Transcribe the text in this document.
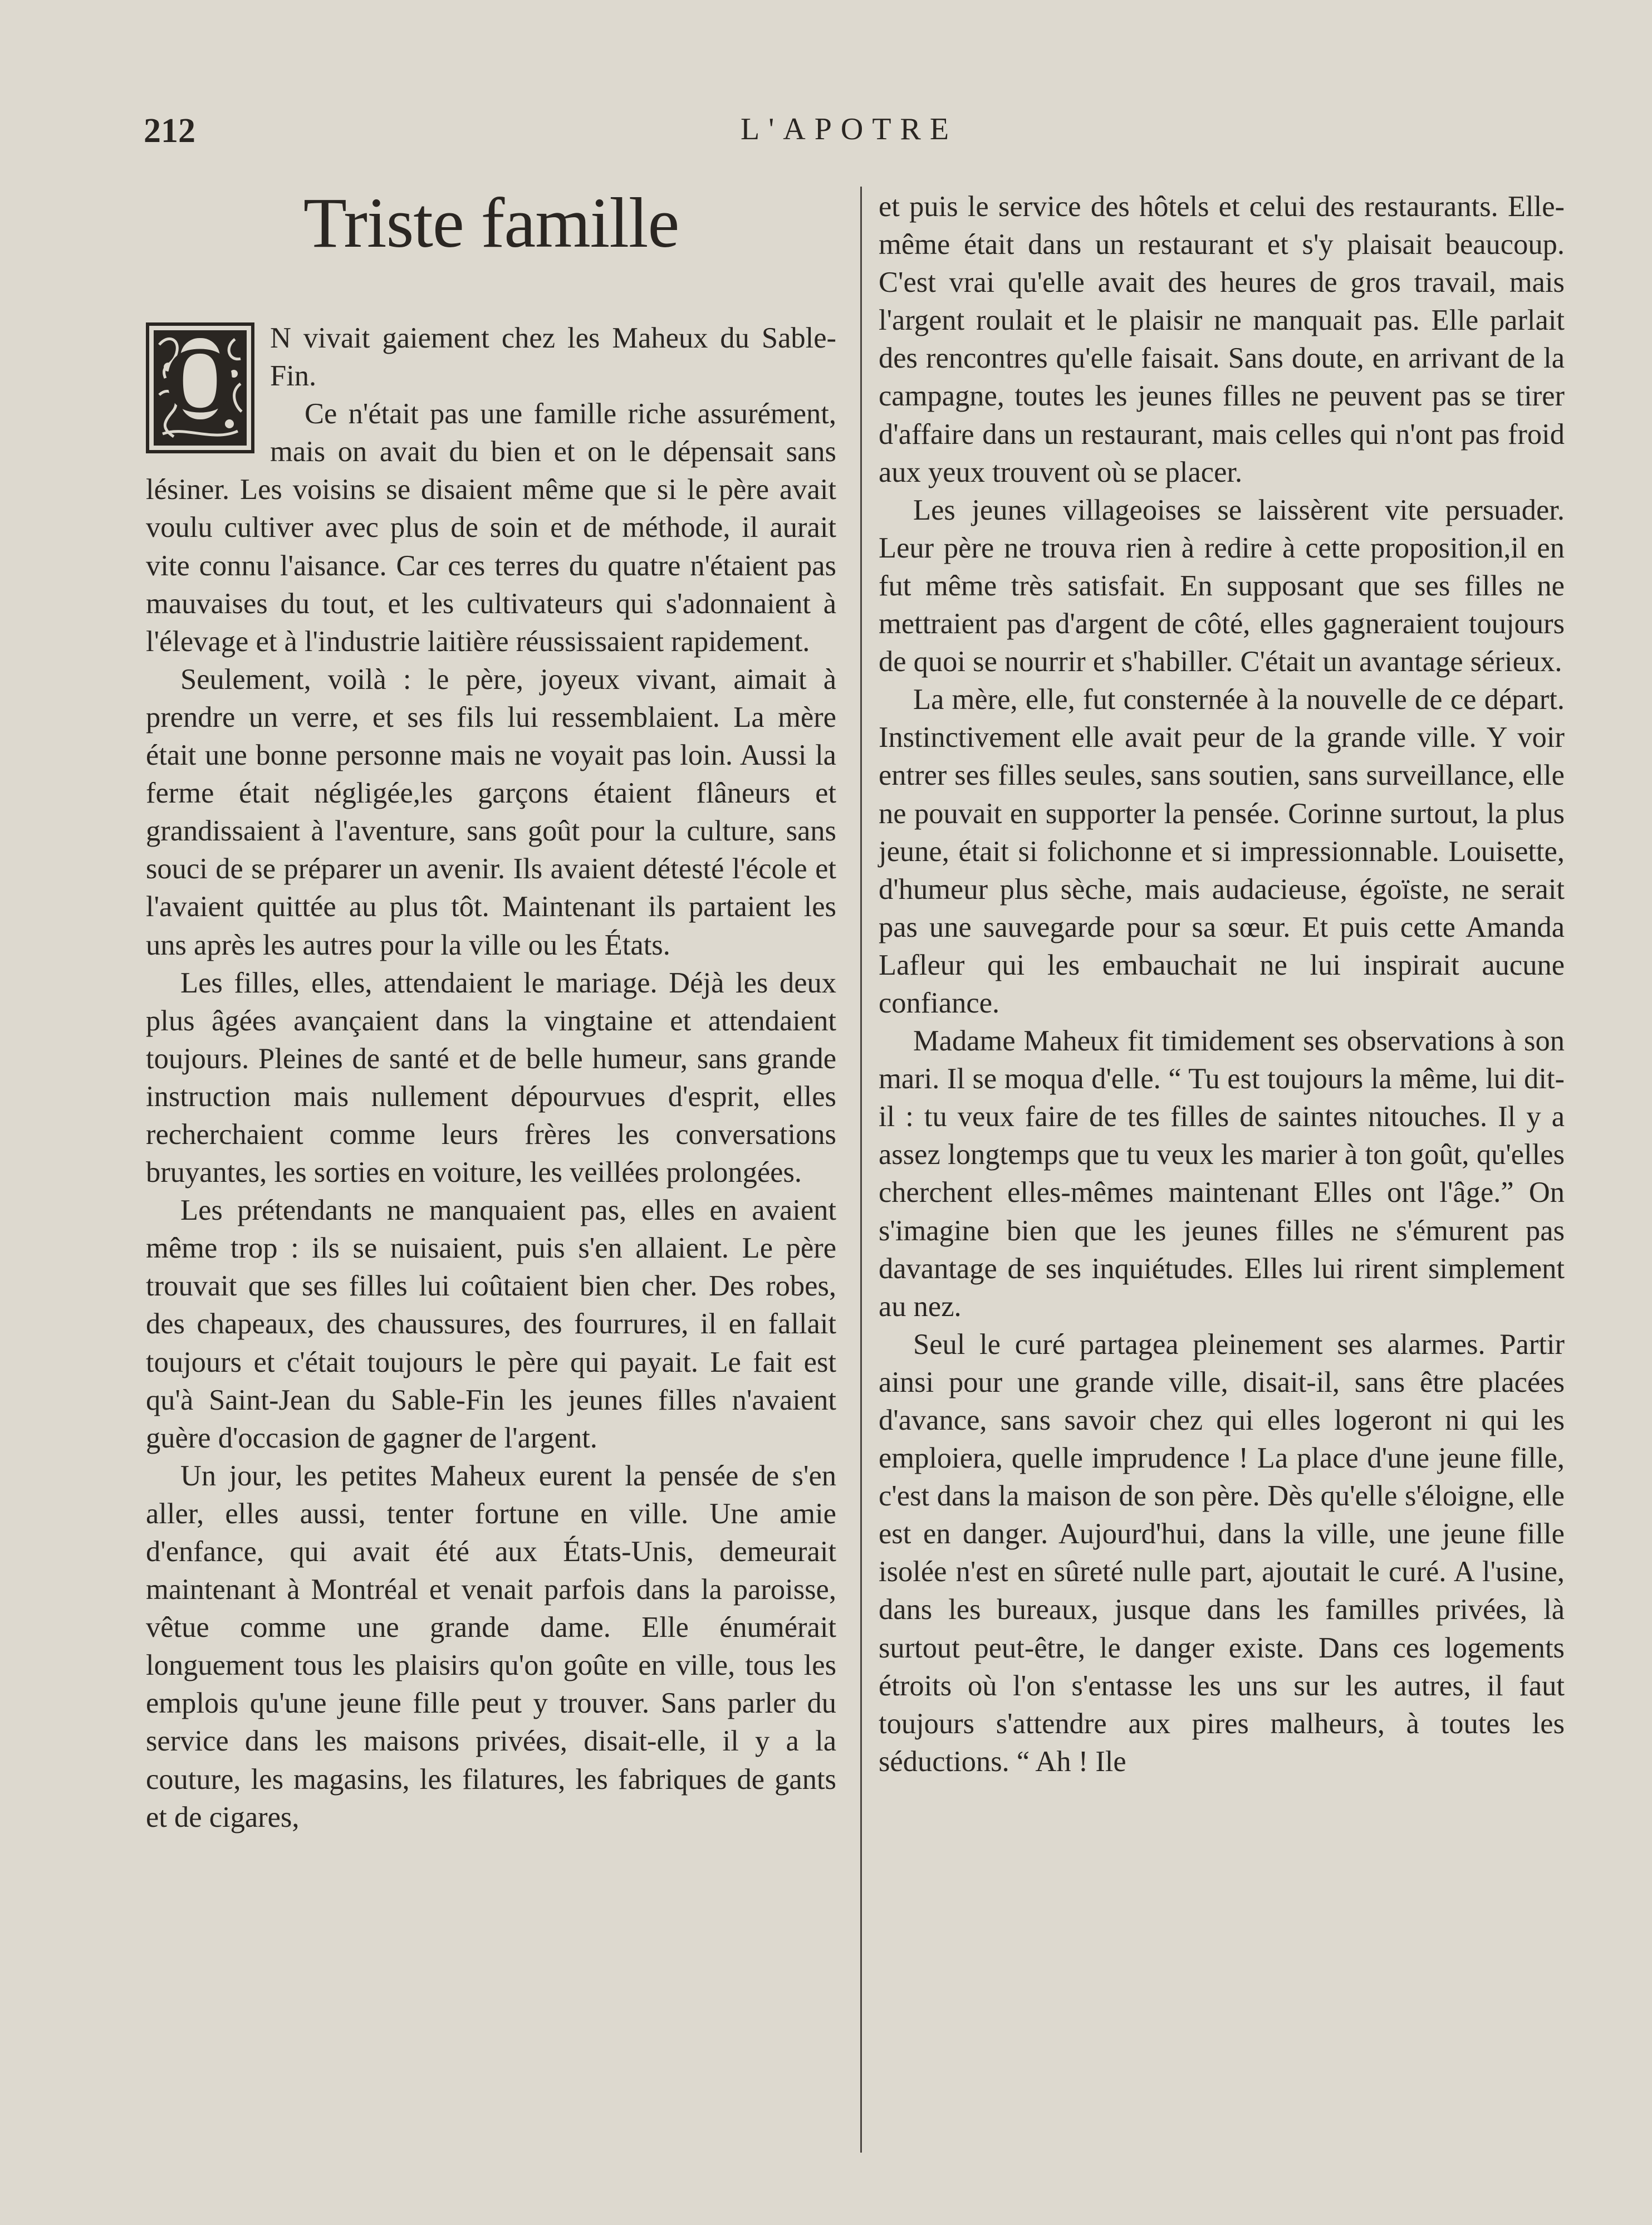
212	L'APOTRE
Triste famille

O N vivait gaiement chez les Maheux du Sable-Fin.

Ce n'était pas une famille riche assurément, mais on avait du bien et on le dépensait sans lésiner. Les voisins se disaient même que si le père avait voulu cultiver avec plus de soin et de méthode, il aurait vite connu l'aisance. Car ces terres du quatre n'étaient pas mauvaises du tout, et les cultivateurs qui s'adonnaient à l'élevage et à l'industrie laitière réussissaient rapidement.

Seulement, voilà : le père, joyeux vivant, aimait à prendre un verre, et ses fils lui ressemblaient. La mère était une bonne personne mais ne voyait pas loin. Aussi la ferme était négligée,les garçons étaient flâneurs et grandissaient à l'aventure, sans goût pour la culture, sans souci de se préparer un avenir. Ils avaient détesté l'école et l'avaient quittée au plus tôt. Maintenant ils partaient les uns après les autres pour la ville ou les États.

Les filles, elles, attendaient le mariage. Déjà les deux plus âgées avançaient dans la vingtaine et attendaient toujours. Pleines de santé et de belle humeur, sans grande instruction mais nullement dépourvues d'esprit, elles recherchaient comme leurs frères les conversations bruyantes, les sorties en voiture, les veillées prolongées.

Les prétendants ne manquaient pas, elles en avaient même trop : ils se nuisaient, puis s'en allaient. Le père trouvait que ses filles lui coûtaient bien cher. Des robes, des chapeaux, des chaussures, des fourrures, il en fallait toujours et c'était toujours le père qui payait. Le fait est qu'à Saint-Jean du Sable-Fin les jeunes filles n'avaient guère d'occasion de gagner de l'argent.

Un jour, les petites Maheux eurent la pensée de s'en aller, elles aussi, tenter fortune en ville. Une amie d'enfance, qui avait été aux États-Unis, demeurait maintenant à Montréal et venait parfois dans la paroisse, vêtue comme une grande dame. Elle énumérait longuement tous les plaisirs qu'on goûte en ville, tous les emplois qu'une jeune fille peut y trouver. Sans parler du service dans les maisons privées, disait-elle, il y a la couture, les magasins, les filatures, les fabriques de gants et de cigares,

et puis le service des hôtels et celui des restaurants. Elle-même était dans un restaurant et s'y plaisait beaucoup. C'est vrai qu'elle avait des heures de gros travail, mais l'argent roulait et le plaisir ne manquait pas. Elle parlait des rencontres qu'elle faisait. Sans doute, en arrivant de la campagne, toutes les jeunes filles ne peuvent pas se tirer d'affaire dans un restaurant, mais celles qui n'ont pas froid aux yeux trouvent où se placer.

Les jeunes villageoises se laissèrent vite persuader. Leur père ne trouva rien à redire à cette proposition,il en fut même très satisfait. En supposant que ses filles ne mettraient pas d'argent de côté, elles gagneraient toujours de quoi se nourrir et s'habiller. C'était un avantage sérieux.

La mère, elle, fut consternée à la nouvelle de ce départ. Instinctivement elle avait peur de la grande ville. Y voir entrer ses filles seules, sans soutien, sans surveillance, elle ne pouvait en supporter la pensée. Corinne surtout, la plus jeune, était si folichonne et si impressionnable. Louisette, d'humeur plus sèche, mais audacieuse, égoïste, ne serait pas une sauvegarde pour sa sœur. Et puis cette Amanda Lafleur qui les embauchait ne lui inspirait aucune confiance.

Madame Maheux fit timidement ses observations à son mari. Il se moqua d'elle. “ Tu est toujours la même, lui dit-il : tu veux faire de tes filles de saintes nitouches. Il y a assez longtemps que tu veux les marier à ton goût, qu'elles cherchent elles-mêmes maintenant Elles ont l'âge.” On s'imagine bien que les jeunes filles ne s'émurent pas davantage de ses inquiétudes. Elles lui rirent simplement au nez.

Seul le curé partagea pleinement ses alarmes. Partir ainsi pour une grande ville, disait-il, sans être placées d'avance, sans savoir chez qui elles logeront ni qui les emploiera, quelle imprudence ! La place d'une jeune fille, c'est dans la maison de son père. Dès qu'elle s'éloigne, elle est en danger. Aujourd'hui, dans la ville, une jeune fille isolée n'est en sûreté nulle part, ajoutait le curé. A l'usine, dans les bureaux, jusque dans les familles privées, là surtout peut-être, le danger existe. Dans ces logements étroits où l'on s'entasse les uns sur les autres, il faut toujours s'attendre aux pires malheurs, à toutes les séductions. “ Ah ! Ile
